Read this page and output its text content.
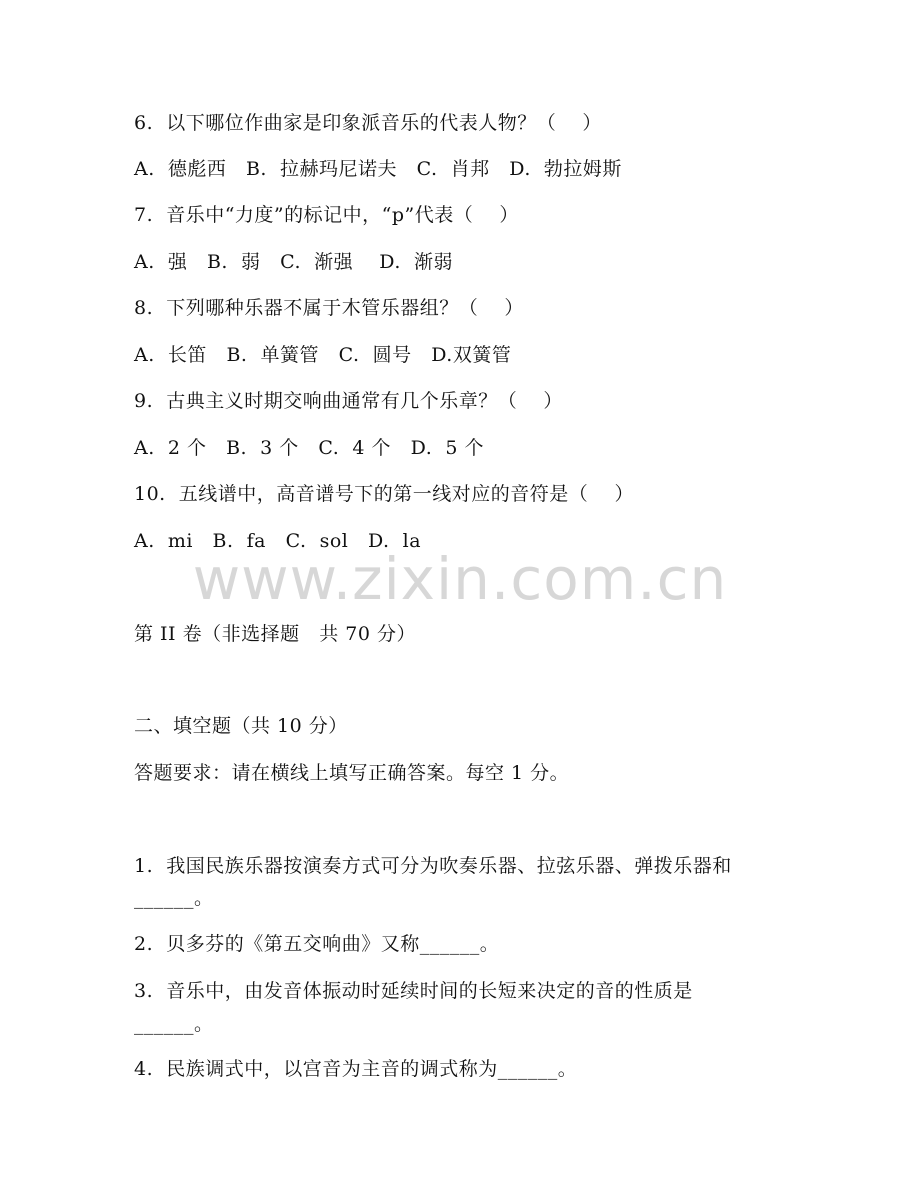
6.  以下哪位作曲家是印象派音乐的代表人物？（    ）
A.  德彪西   B.  拉赫玛尼诺夫   C.  肖邦   D.  勃拉姆斯
7.  音乐中“力度”的标记中，“p”代表（    ）
A.  强   B.  弱   C.  渐强    D.  渐弱
8.  下列哪种乐器不属于木管乐器组？（    ）
A.  长笛   B.  单簧管   C.  圆号   D.双簧管
9.  古典主义时期交响曲通常有几个乐章？（    ）
A.  2 个   B.  3 个   C.  4 个   D.  5 个
10.  五线谱中，高音谱号下的第一线对应的音符是（    ）
A.  mi   B.  fa   C.  sol   D.  la
www.zixin.com.cn
第 II 卷（非选择题   共 70 分）
二、填空题（共 10 分）
答题要求：请在横线上填写正确答案。每空 1 分。
1.  我国民族乐器按演奏方式可分为吹奏乐器、拉弦乐器、弹拨乐器和
______。
2.  贝多芬的《第五交响曲》又称______。
3.  音乐中，由发音体振动时延续时间的长短来决定的音的性质是
______。
4.  民族调式中，以宫音为主音的调式称为______。
